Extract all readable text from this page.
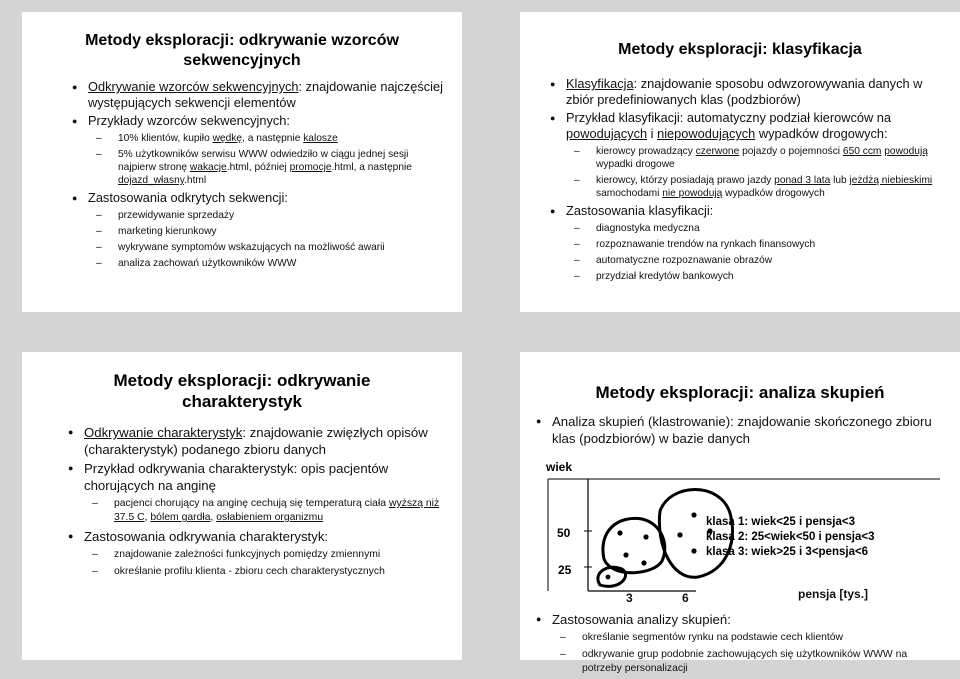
Metody eksploracji: odkrywanie wzorców sekwencyjnych
● Odkrywanie wzorców sekwencyjnych: znajdowanie najczęściej występujących sekwencji elementów
● Przykłady wzorców sekwencyjnych:
– 10% klientów, kupiło wędkę, a następnie kalosze
– 5% użytkowników serwisu WWW odwiedziło w ciągu jednej sesji najpierw stronę wakacje.html, później promocje.html, a następnie dojazd_własny.html
● Zastosowania odkrytych sekwencji:
– przewidywanie sprzedaży
– marketing kierunkowy
– wykrywane symptomów wskazujących na możliwość awarii
– analiza zachowań użytkowników WWW
Metody eksploracji: klasyfikacja
● Klasyfikacja: znajdowanie sposobu odwzorowywania danych w zbiór predefiniowanych klas (podzbiorów)
● Przykład klasyfikacji: automatyczny podział kierowców na powodujących i niepowodujących wypadków drogowych:
– kierowcy prowadzący czerwone pojazdy o pojemności 650 ccm powodują wypadki drogowe
– kierowcy, którzy posiadają prawo jazdy ponad 3 lata lub jeżdżą niebieskimi samochodami nie powodują wypadków drogowych
● Zastosowania klasyfikacji:
– diagnostyka medyczna
– rozpoznawanie trendów na rynkach finansowych
– automatyczne rozpoznawanie obrazów
– przydział kredytów bankowych
Metody eksploracji: odkrywanie charakterystyk
● Odkrywanie charakterystyk: znajdowanie zwięzłych opisów (charakterystyk) podanego zbioru danych
● Przykład odkrywania charakterystyk: opis pacjentów chorujących na anginę
– pacjenci chorujący na anginę cechują się temperaturą ciała wyższą niż 37.5 C, bólem gardła, osłabieniem organizmu
● Zastosowania odkrywania charakterystyk:
– znajdowanie zależności funkcyjnych pomiędzy zmiennymi
– określanie profilu klienta - zbioru cech charakterystycznych
Metody eksploracji: analiza skupień
● Analiza skupień (klastrowanie): znajdowanie skończonego zbioru klas (podzbiorów) w bazie danych
wiek
50
25
klasa 1: wiek<25 i pensja<3
klasa 2: 25<wiek<50 i pensja<3
klasa 3: wiek>25 i 3<pensja<6
3	6	pensja [tys.]
● Zastosowania analizy skupień:
– określanie segmentów rynku na podstawie cech klientów
– odkrywanie grup podobnie zachowujących się użytkowników WWW na potrzeby personalizacji
